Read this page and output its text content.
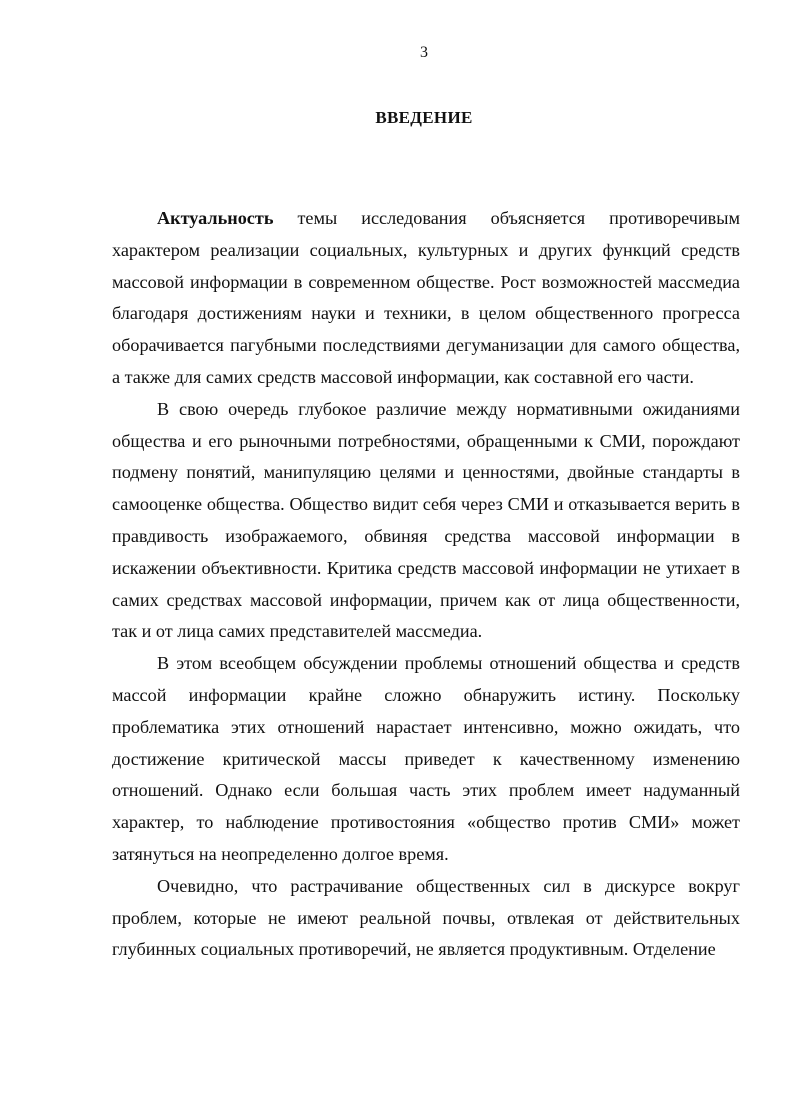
3
ВВЕДЕНИЕ

Актуальность темы исследования объясняется противоречивым характером реализации социальных, культурных и других функций средств массовой информации в современном обществе. Рост возможностей массмедиа благодаря достижениям науки и техники, в целом общественного прогресса оборачивается пагубными последствиями дегуманизации для самого общества, а также для самих средств массовой информации, как составной его части.

В свою очередь глубокое различие между нормативными ожиданиями общества и его рыночными потребностями, обращенными к СМИ, порождают подмену понятий, манипуляцию целями и ценностями, двойные стандарты в самооценке общества. Общество видит себя через СМИ и отказывается верить в правдивость изображаемого, обвиняя средства массовой информации в искажении объективности. Критика средств массовой информации не утихает в самих средствах массовой информации, причем как от лица общественности, так и от лица самих представителей массмедиа.

В этом всеобщем обсуждении проблемы отношений общества и средств массой информации крайне сложно обнаружить истину. Поскольку проблематика этих отношений нарастает интенсивно, можно ожидать, что достижение критической массы приведет к качественному изменению отношений. Однако если большая часть этих проблем имеет надуманный характер, то наблюдение противостояния «общество против СМИ» может затянуться на неопределенно долгое время.

Очевидно, что растрачивание общественных сил в дискурсе вокруг проблем, которые не имеют реальной почвы, отвлекая от действительных глубинных социальных противоречий, не является продуктивным. Отделение
